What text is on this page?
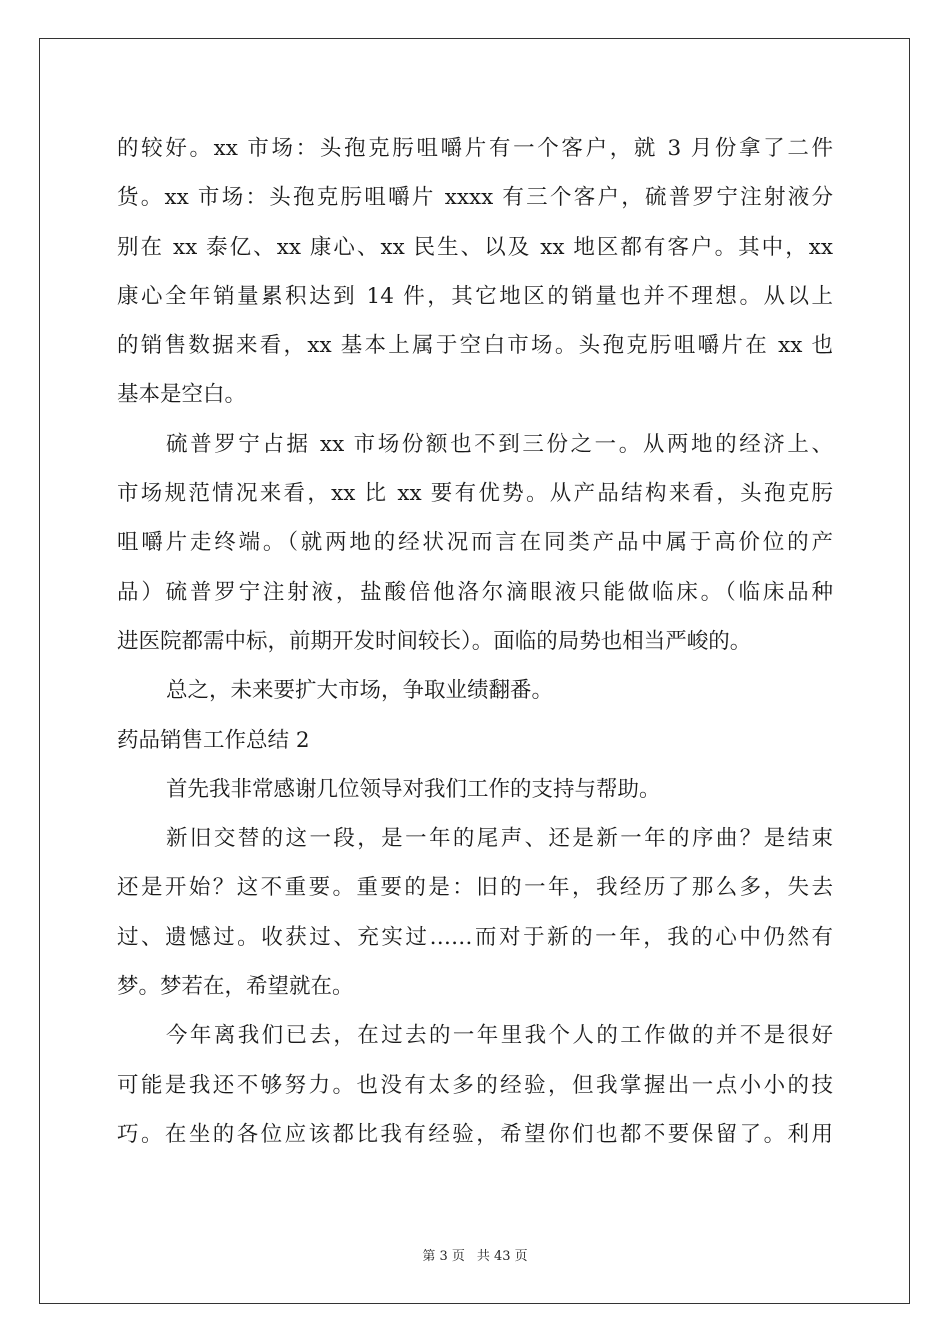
的较好。xx 市场：头孢克肟咀嚼片有一个客户，就 3 月份拿了二件
货。xx 市场：头孢克肟咀嚼片 xxxx 有三个客户，硫普罗宁注射液分
别在 xx 泰亿、xx 康心、xx 民生、以及 xx 地区都有客户。其中，xx
康心全年销量累积达到 14 件，其它地区的销量也并不理想。从以上
的销售数据来看，xx 基本上属于空白市场。头孢克肟咀嚼片在 xx 也
基本是空白。
硫普罗宁占据 xx 市场份额也不到三份之一。从两地的经济上、
市场规范情况来看，xx 比 xx 要有优势。从产品结构来看，头孢克肟
咀嚼片走终端。（就两地的经状况而言在同类产品中属于高价位的产
品）硫普罗宁注射液，盐酸倍他洛尔滴眼液只能做临床。（临床品种
进医院都需中标，前期开发时间较长）。面临的局势也相当严峻的。
总之，未来要扩大市场，争取业绩翻番。
药品销售工作总结 2
首先我非常感谢几位领导对我们工作的支持与帮助。
新旧交替的这一段，是一年的尾声、还是新一年的序曲？是结束
还是开始？这不重要。重要的是：旧的一年，我经历了那么多，失去
过、遗憾过。收获过、充实过……而对于新的一年，我的心中仍然有
梦。梦若在，希望就在。
今年离我们已去，在过去的一年里我个人的工作做的并不是很好
可能是我还不够努力。也没有太多的经验，但我掌握出一点小小的技
巧。在坐的各位应该都比我有经验，希望你们也都不要保留了。利用
第 3 页 共 43 页
